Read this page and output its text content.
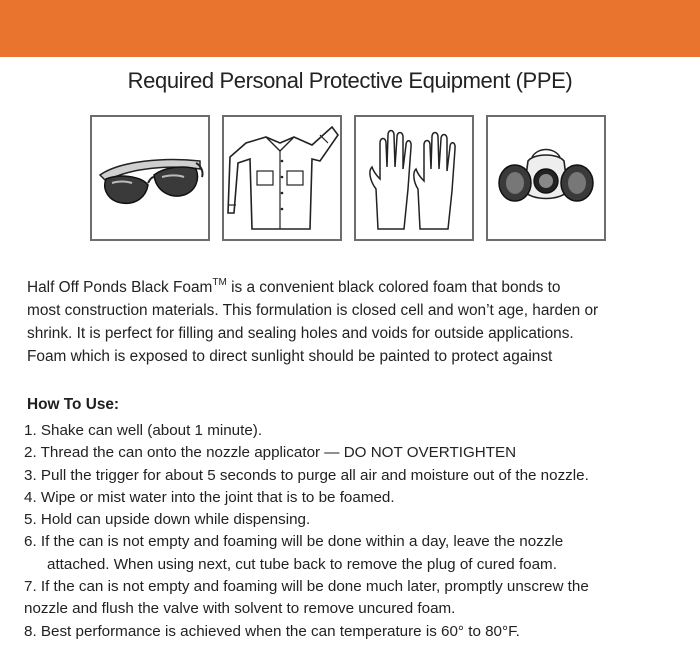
Required Personal Protective Equipment (PPE)
Half Off Ponds Black Foam™ is a convenient black colored foam that bonds to
most construction materials. This formulation is closed cell and won’t age, harden or
shrink. It is perfect for filling and sealing holes and voids for outside applications.
Foam which is exposed to direct sunlight should be painted to protect against
How To Use:
1. Shake can well (about 1 minute).
2. Thread the can onto the nozzle applicator — DO NOT OVERTIGHTEN
3. Pull the trigger for about 5 seconds to purge all air and moisture out of the nozzle.
4. Wipe or mist water into the joint that is to be foamed.
5. Hold can upside down while dispensing.
6. If the can is not empty and foaming will be done within a day, leave the nozzle
attached. When using next, cut tube back to remove the plug of cured foam.
7. If the can is not empty and foaming will be done much later, promptly unscrew the
nozzle and flush the valve with solvent to remove uncured foam.
8. Best performance is achieved when the can temperature is 60° to 80°F.
